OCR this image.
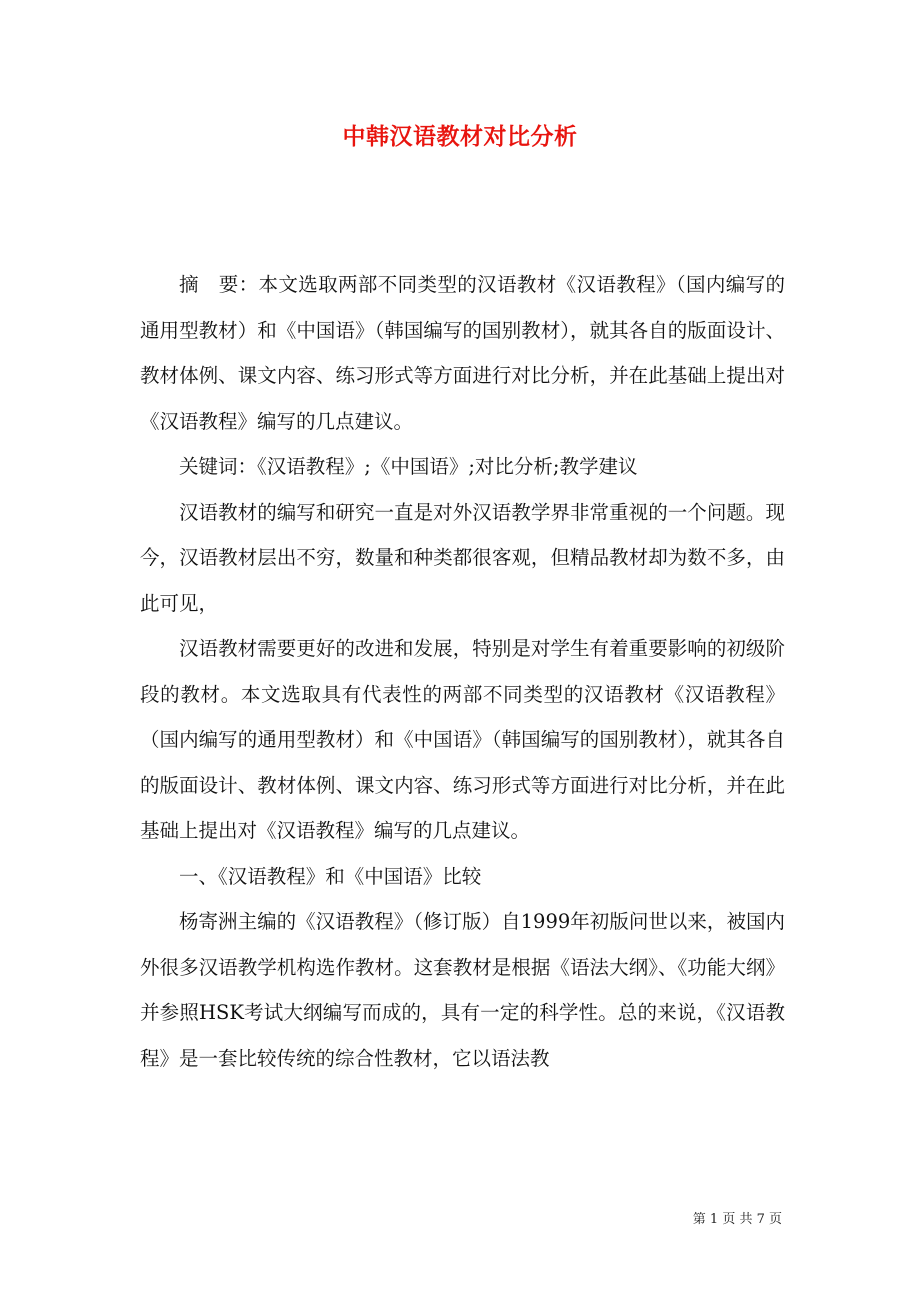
中韩汉语教材对比分析

摘　要：本文选取两部不同类型的汉语教材《汉语教程》（国内编写的通用型教材）和《中国语》（韩国编写的国别教材），就其各自的版面设计、教材体例、课文内容、练习形式等方面进行对比分析，并在此基础上提出对《汉语教程》编写的几点建议。

关键词：《汉语教程》;《中国语》;对比分析;教学建议

汉语教材的编写和研究一直是对外汉语教学界非常重视的一个问题。现今，汉语教材层出不穷，数量和种类都很客观，但精品教材却为数不多，由此可见，

汉语教材需要更好的改进和发展，特别是对学生有着重要影响的初级阶段的教材。本文选取具有代表性的两部不同类型的汉语教材《汉语教程》（国内编写的通用型教材）和《中国语》（韩国编写的国别教材），就其各自的版面设计、教材体例、课文内容、练习形式等方面进行对比分析，并在此基础上提出对《汉语教程》编写的几点建议。

一、《汉语教程》和《中国语》比较

杨寄洲主编的《汉语教程》（修订版）自1999年初版问世以来，被国内外很多汉语教学机构选作教材。这套教材是根据《语法大纲》、《功能大纲》并参照HSK考试大纲编写而成的，具有一定的科学性。总的来说，《汉语教程》是一套比较传统的综合性教材，它以语法教

第 1 页 共 7 页
